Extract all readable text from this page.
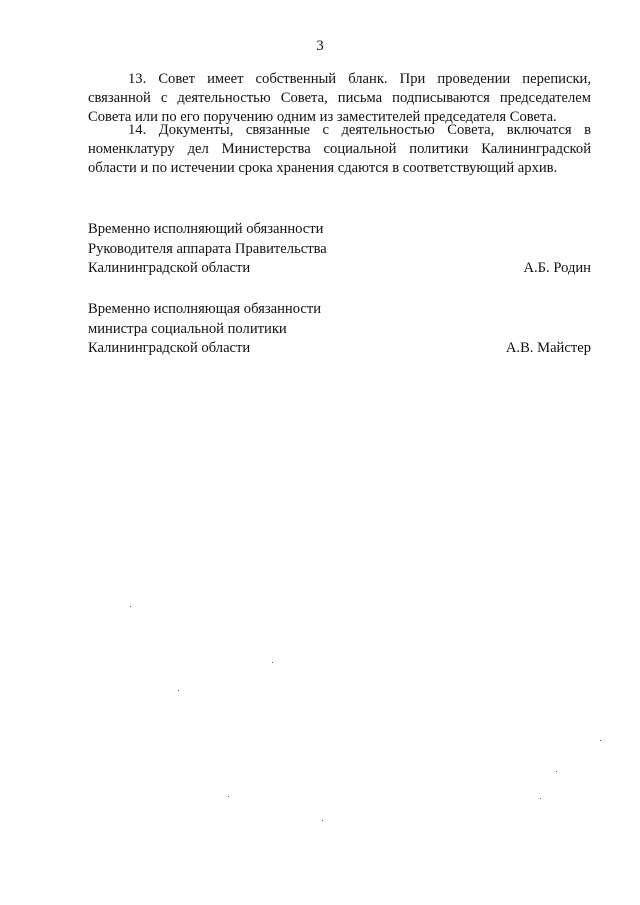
3

13. Совет имеет собственный бланк. При проведении переписки, связанной с деятельностью Совета, письма подписываются председателем Совета или по его поручению одним из заместителей председателя Совета.

14. Документы, связанные с деятельностью Совета, включатся в номенклатуру дел Министерства социальной политики Калининградской области и по истечении срока хранения сдаются в соответствующий архив.

Временно исполняющий обязанности
Руководителя аппарата Правительства
Калининградской области	А.Б. Родин
Временно исполняющая обязанности
министра социальной политики
Калининградской области	А.В. Майстер
